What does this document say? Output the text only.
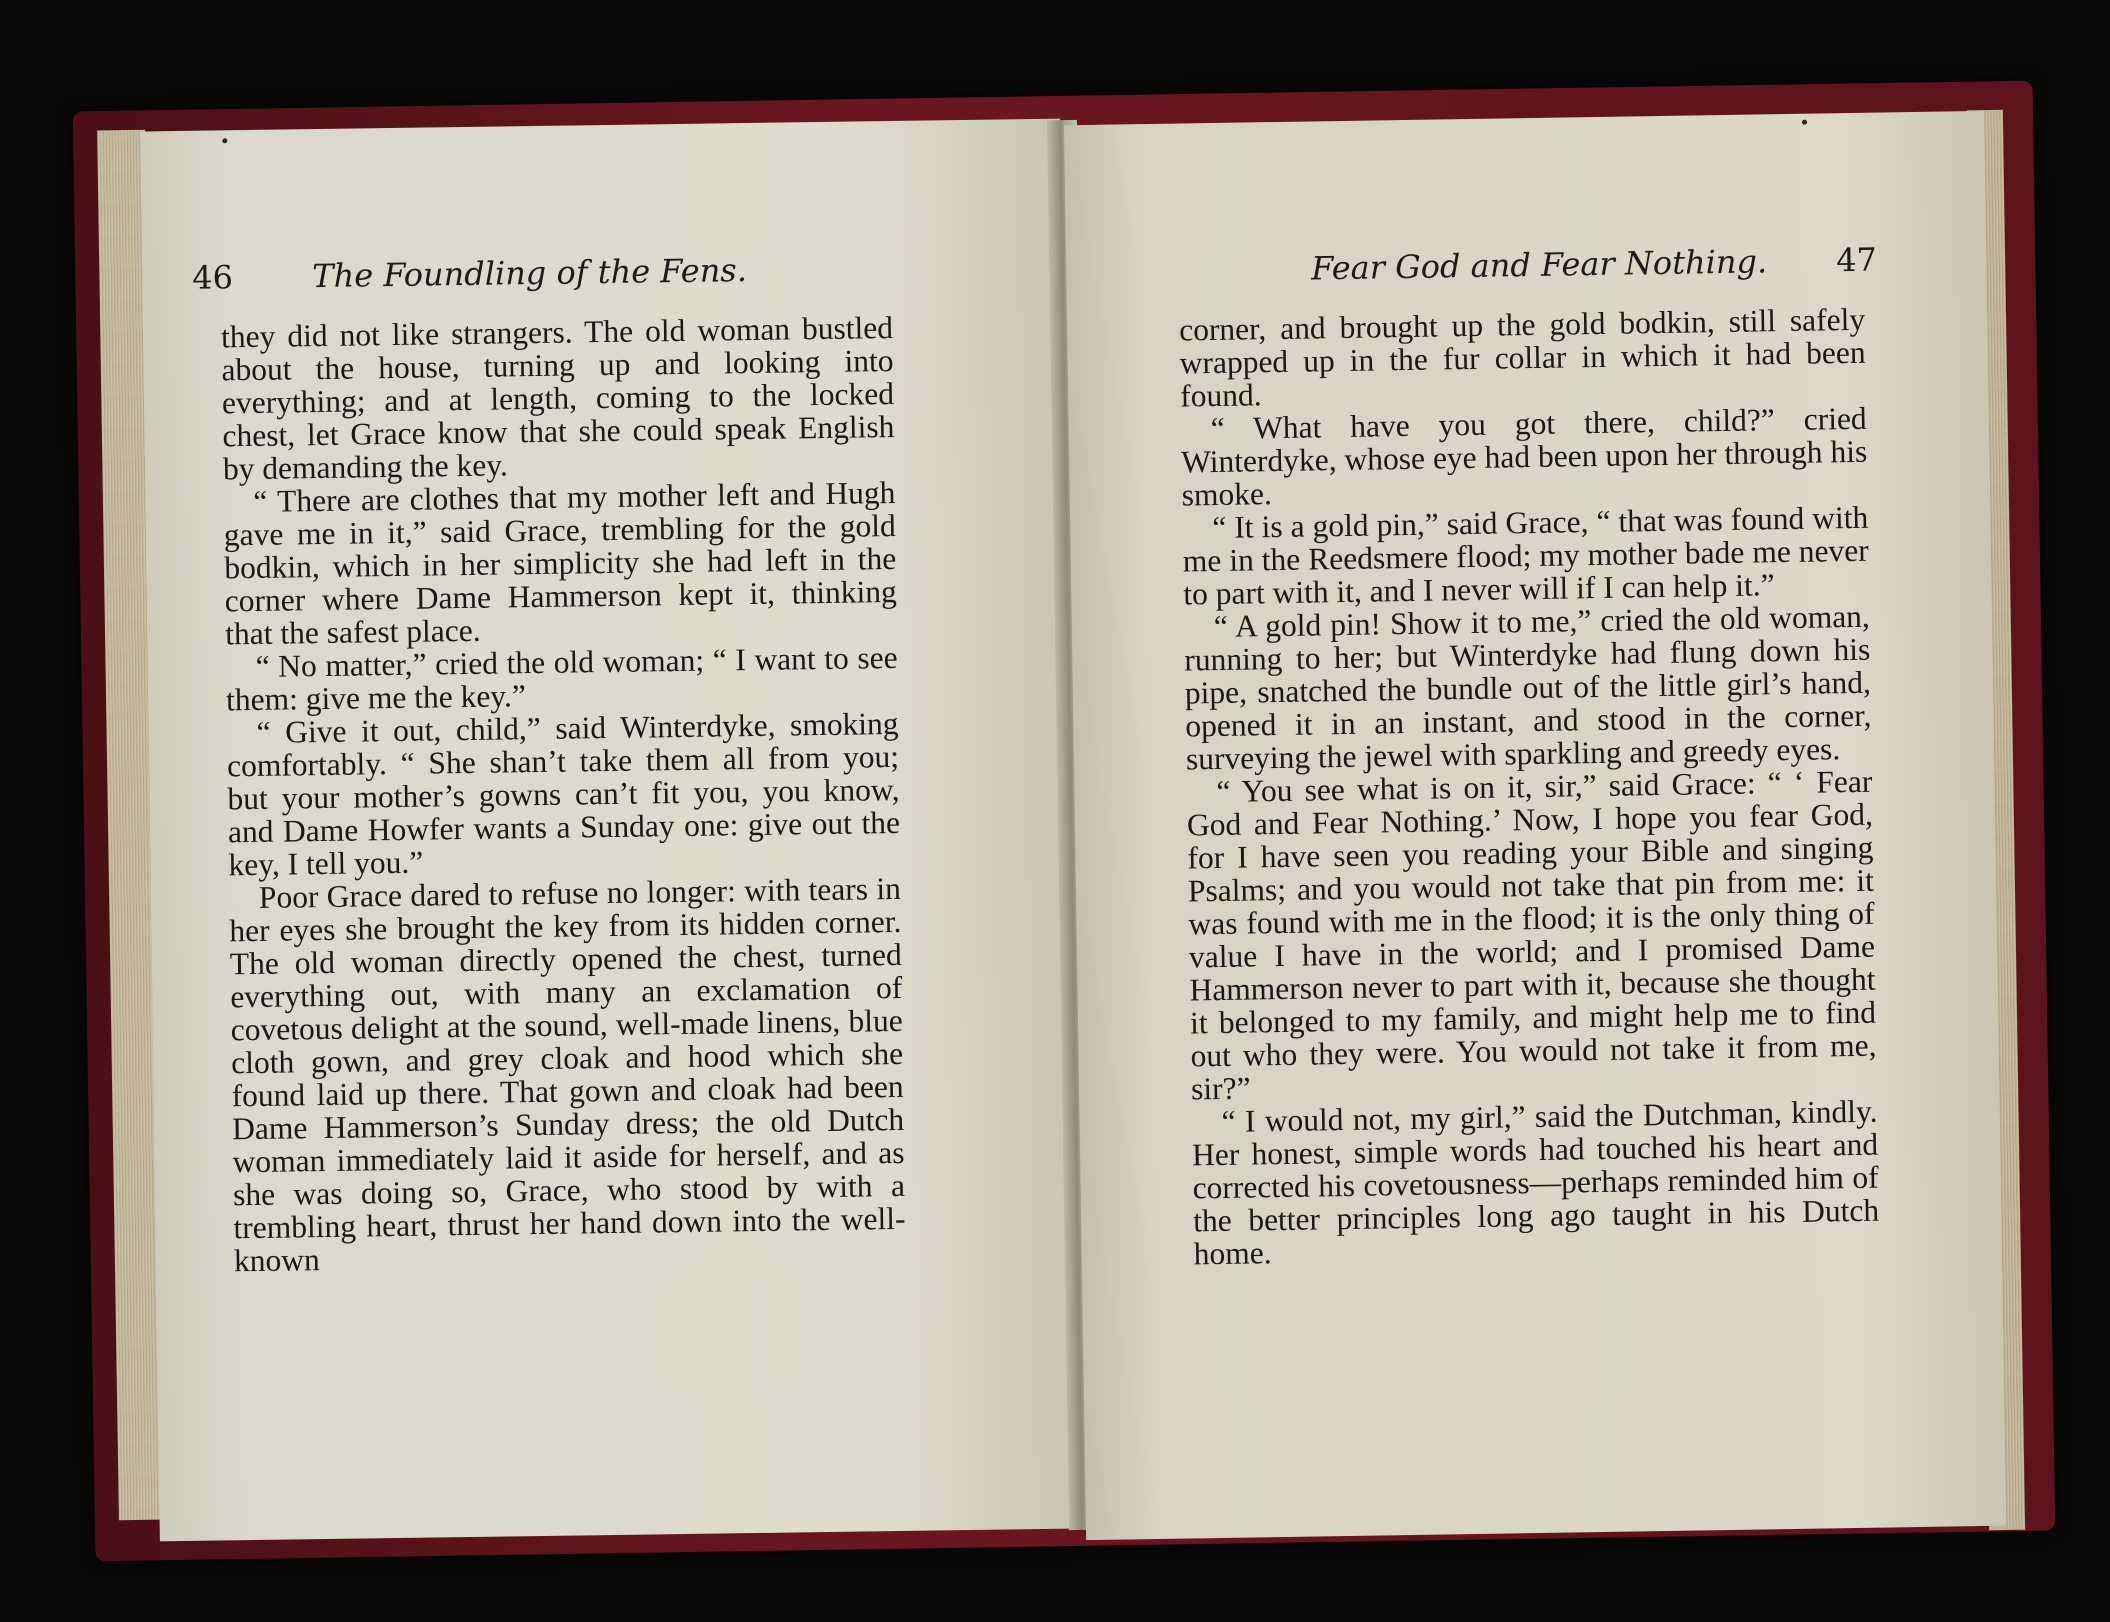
46 The Foundling of the Fens.

they did not like strangers. The old woman bustled about the house, turning up and looking into everything; and at length, coming to the locked chest, let Grace know that she could speak English by demanding the key.

“ There are clothes that my mother left and Hugh gave me in it,” said Grace, trembling for the gold bodkin, which in her simplicity she had left in the corner where Dame Hammerson kept it, thinking that the safest place.

“ No matter,” cried the old woman; “ I want to see them: give me the key.”

“ Give it out, child,” said Winterdyke, smoking comfortably. “ She shan’t take them all from you; but your mother’s gowns can’t fit you, you know, and Dame Howfer wants a Sunday one: give out the key, I tell you.”

Poor Grace dared to refuse no longer: with tears in her eyes she brought the key from its hidden corner. The old woman directly opened the chest, turned everything out, with many an exclamation of covetous delight at the sound, well-made linens, blue cloth gown, and grey cloak and hood which she found laid up there. That gown and cloak had been Dame Hammerson’s Sunday dress; the old Dutch woman immediately laid it aside for herself, and as she was doing so, Grace, who stood by with a trembling heart, thrust her hand down into the well-known

Fear God and Fear Nothing. 47

corner, and brought up the gold bodkin, still safely wrapped up in the fur collar in which it had been found.

“ What have you got there, child?” cried Winterdyke, whose eye had been upon her through his smoke.

“ It is a gold pin,” said Grace, “ that was found with me in the Reedsmere flood; my mother bade me never to part with it, and I never will if I can help it.”

“ A gold pin! Show it to me,” cried the old woman, running to her; but Winterdyke had flung down his pipe, snatched the bundle out of the little girl’s hand, opened it in an instant, and stood in the corner, surveying the jewel with sparkling and greedy eyes.

“ You see what is on it, sir,” said Grace: “ ‘ Fear God and Fear Nothing.’ Now, I hope you fear God, for I have seen you reading your Bible and singing Psalms; and you would not take that pin from me: it was found with me in the flood; it is the only thing of value I have in the world; and I promised Dame Hammerson never to part with it, because she thought it belonged to my family, and might help me to find out who they were. You would not take it from me, sir?”

“ I would not, my girl,” said the Dutchman, kindly. Her honest, simple words had touched his heart and corrected his covetousness—perhaps reminded him of the better principles long ago taught in his Dutch home.
